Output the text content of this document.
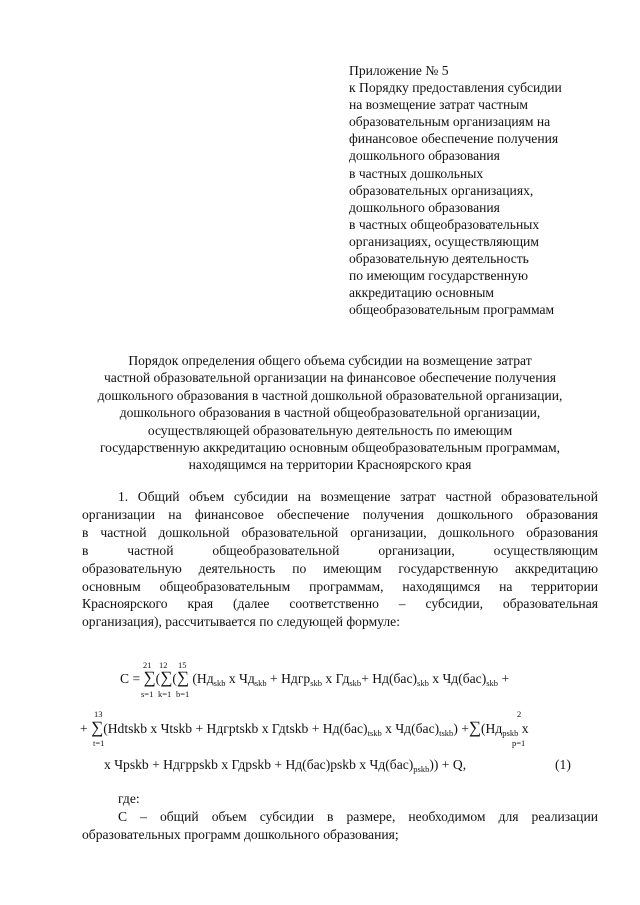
Приложение № 5
к Порядку предоставления субсидии
на возмещение затрат частным
образовательным организациям на
финансовое обеспечение получения
дошкольного образования
в частных дошкольных
образовательных организациях,
дошкольного образования
в частных общеобразовательных
организациях, осуществляющим
образовательную деятельность
по имеющим государственную
аккредитацию основным
общеобразовательным программам
Порядок определения общего объема субсидии на возмещение затрат
частной образовательной организации на финансовое обеспечение получения
дошкольного образования в частной дошкольной образовательной организации,
дошкольного образования в частной общеобразовательной организации,
осуществляющей образовательную деятельность по имеющим
государственную аккредитацию основным общеобразовательным программам,
находящимся на территории Красноярского края
1. Общий объем субсидии на возмещение затрат частной образовательной
организации на финансовое обеспечение получения дошкольного образования
в частной дошкольной образовательной организации, дошкольного образования
в частной общеобразовательной организации, осуществляющим
образовательную деятельность по имеющим государственную аккредитацию
основным общеобразовательным программам, находящимся на территории
Красноярского края (далее соответственно – субсидии, образовательная
организация), рассчитывается по следующей формуле:
21 12 15
s=1 k=1 b=1
C = ∑(∑(∑ ($Нд_{skb}$ x $Чд_{skb}$ + Ндгр$_{skb}$ x $Гд_{skb}+ Нд(бас)_{skb}$ x $Чд(бас)_{skb}$ +
13
t=1
2
p=1
+ ∑(Нdtskb x Чtskb + Ндгрtskb x Гдtskb + $Нд(бас)_{tskb}$ x $Чд(бас)_{tskb}) +\sum(Нд_{pskb}$ x
x Чpskb + Ндгрpskb x Гдpskb + Нд(бас)pskb x $Чд(бас)_{pskb})) + Q$,	(1)
где:
С – общий объем субсидии в размере, необходимом для реализации
образовательных программ дошкольного образования;
